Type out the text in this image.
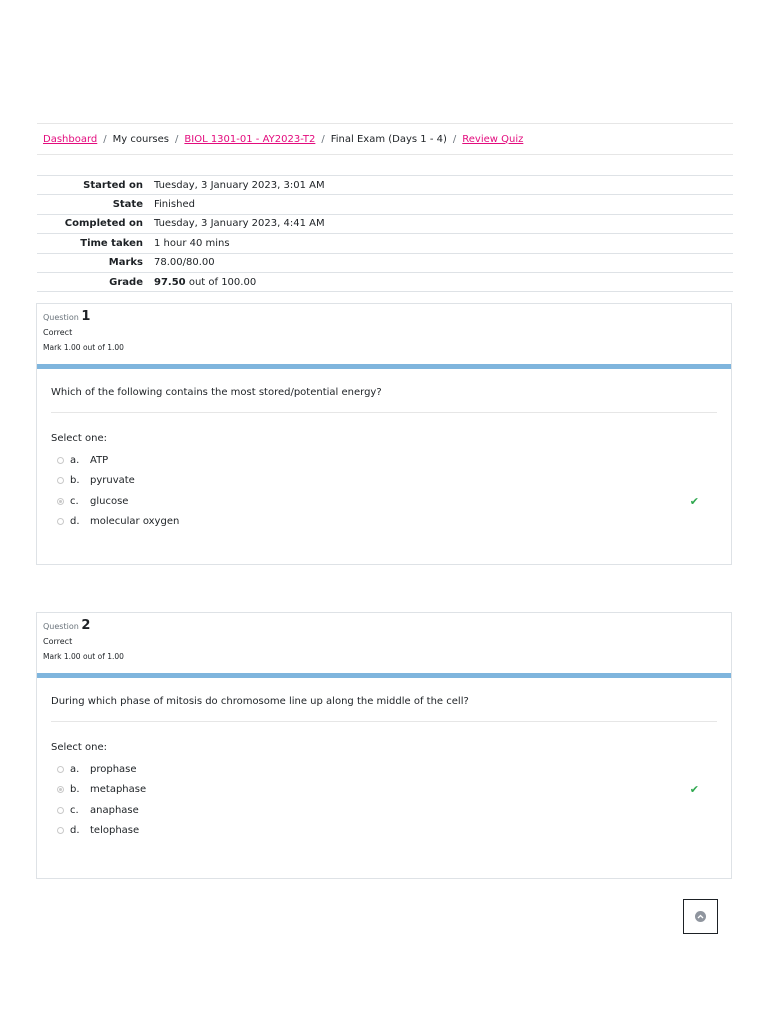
Dashboard / My courses / BIOL 1301-01 - AY2023-T2 / Final Exam (Days 1 - 4) / Review Quiz
Started on	Tuesday, 3 January 2023, 3:01 AM
State	Finished
Completed on	Tuesday, 3 January 2023, 4:41 AM
Time taken	1 hour 40 mins
Marks	78.00/80.00
Grade	97.50 out of 100.00
Question 1
Correct
Mark 1.00 out of 1.00
Which of the following contains the most stored/potential energy?
Select one:
a.	ATP
b.	pyruvate
c.	glucose	✔
d.	molecular oxygen
Question 2
Correct
Mark 1.00 out of 1.00
During which phase of mitosis do chromosome line up along the middle of the cell?
Select one:
a.	prophase
b.	metaphase	✔
c.	anaphase
d.	telophase
